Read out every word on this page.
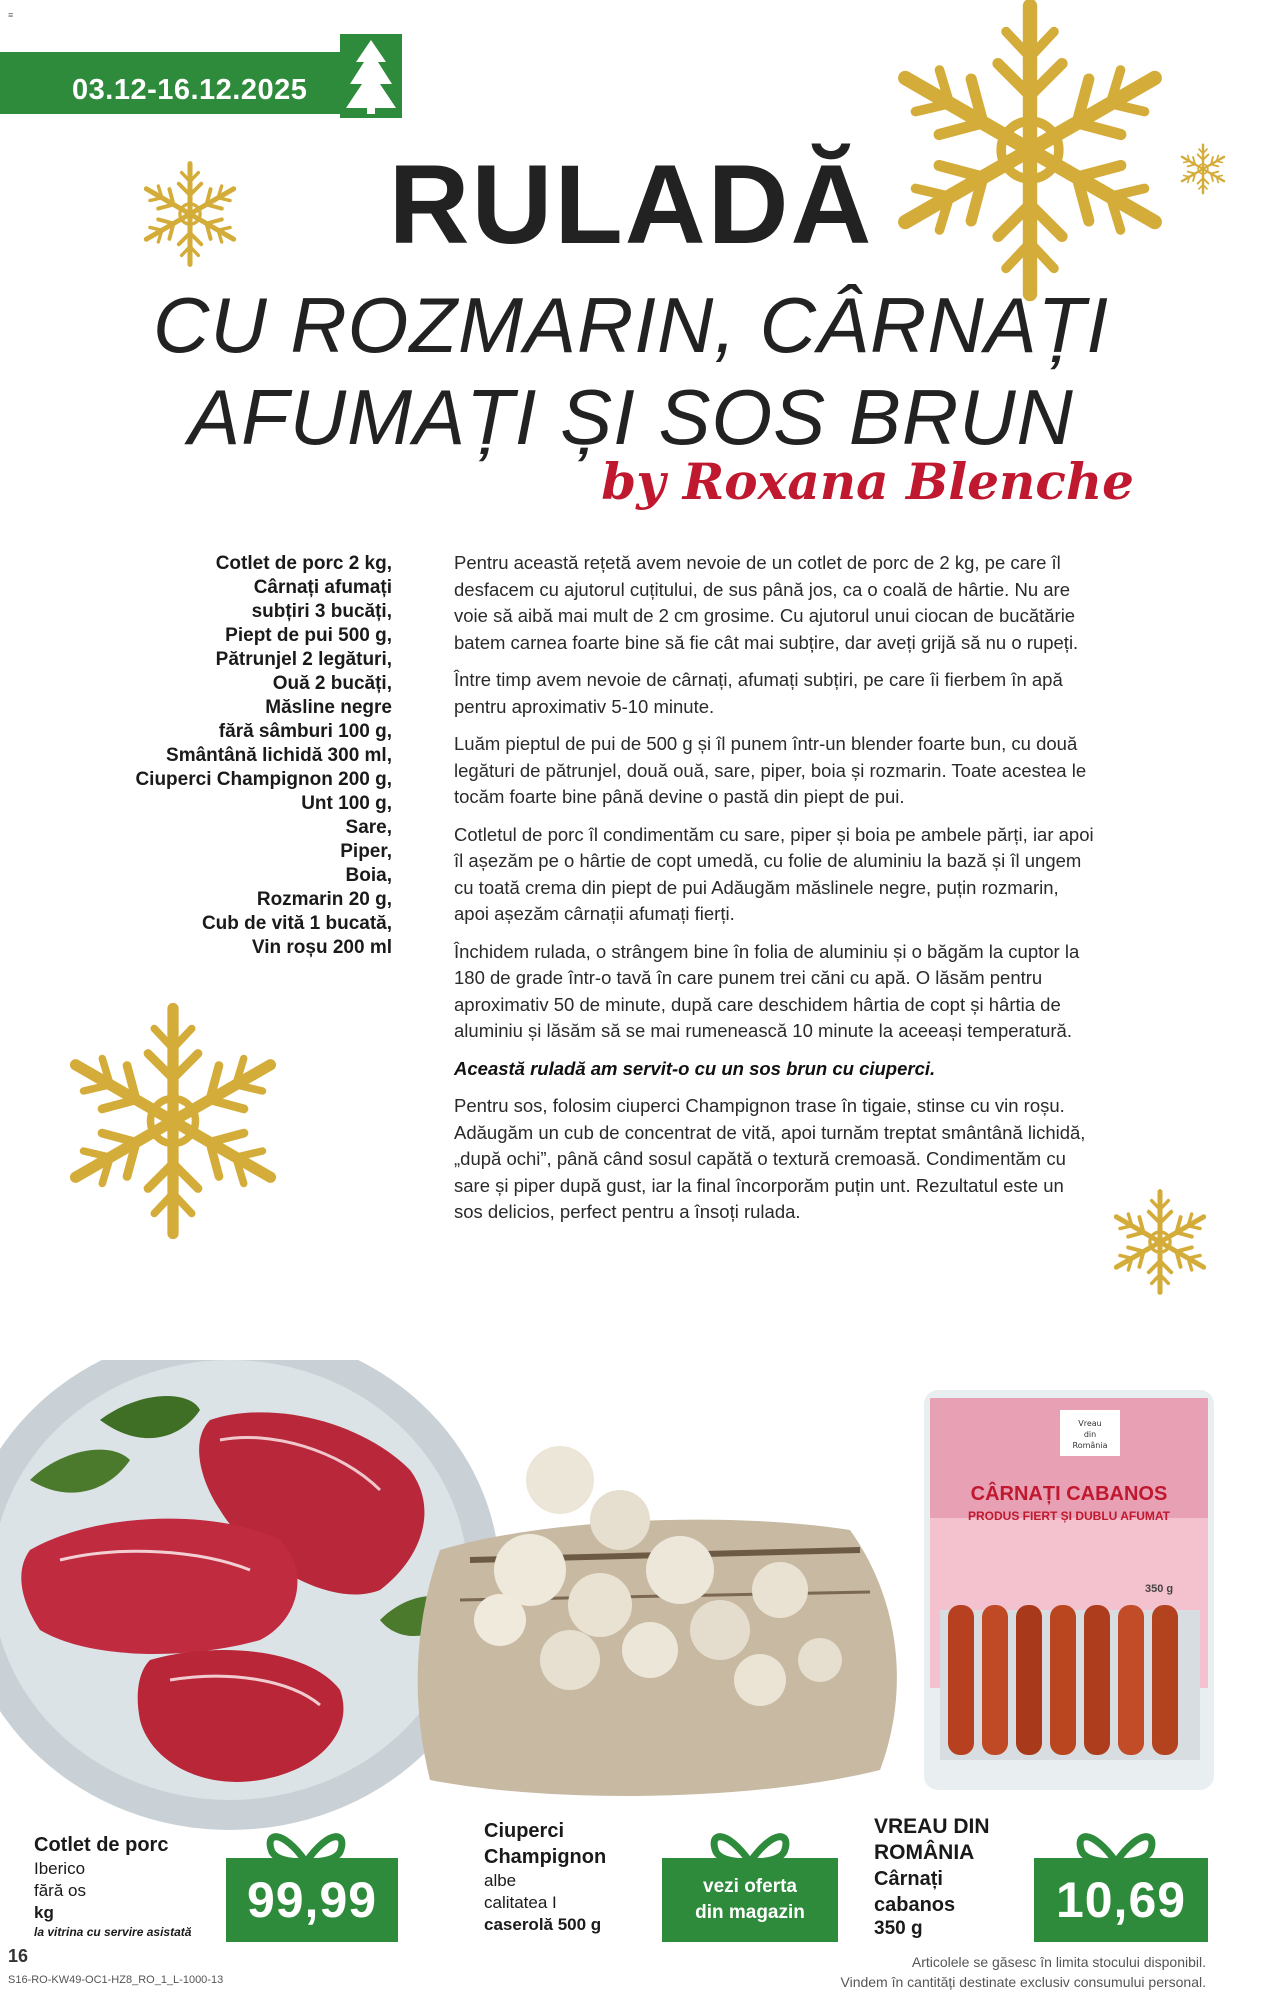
≡
03.12-16.12.2025
RULADĂ
CU ROZMARIN, CÂRNAȚI
AFUMAȚI ȘI SOS BRUN
by Roxana Blenche
Cotlet de porc 2 kg,
Cârnați afumați
subțiri 3 bucăți,
Piept de pui 500 g,
Pătrunjel 2 legături,
Ouă 2 bucăți,
Măsline negre
fără sâmburi 100 g,
Smântână lichidă 300 ml,
Ciuperci Champignon 200 g,
Unt 100 g,
Sare,
Piper,
Boia,
Rozmarin 20 g,
Cub de vită 1 bucată,
Vin roșu 200 ml

Pentru această rețetă avem nevoie de un cotlet de porc de 2 kg, pe care îl desfacem cu ajutorul cuțitului, de sus până jos, ca o coală de hârtie. Nu are voie să aibă mai mult de 2 cm grosime. Cu ajutorul unui ciocan de bucătărie batem carnea foarte bine să fie cât mai subțire, dar aveți grijă să nu o rupeți.

Între timp avem nevoie de cârnați, afumați subțiri, pe care îi fierbem în apă pentru aproximativ 5-10 minute.

Luăm pieptul de pui de 500 g și îl punem într-un blender foarte bun, cu două legături de pătrunjel, două ouă, sare, piper, boia și rozmarin. Toate acestea le tocăm foarte bine până devine o pastă din piept de pui.

Cotletul de porc îl condimentăm cu sare, piper și boia pe ambele părți, iar apoi îl așezăm pe o hârtie de copt umedă, cu folie de aluminiu la bază și îl ungem cu toată crema din piept de pui Adăugăm măslinele negre, puțin rozmarin, apoi așezăm cârnații afumați fierți.

Închidem rulada, o strângem bine în folia de aluminiu și o băgăm la cuptor la 180 de grade într-o tavă în care punem trei căni cu apă. O lăsăm pentru aproximativ 50 de minute, după care deschidem hârtia de copt și hârtia de aluminiu și lăsăm să se mai rumenească 10 minute la aceeași temperatură.

Această ruladă am servit-o cu un sos brun cu ciuperci.

Pentru sos, folosim ciuperci Champignon trase în tigaie, stinse cu vin roșu. Adăugăm un cub de concentrat de vită, apoi turnăm treptat smântână lichidă, „după ochi”, până când sosul capătă o textură cremoasă. Condimentăm cu sare și piper după gust, iar la final încorporăm puțin unt. Rezultatul este un sos delicios, perfect pentru a însoți rulada.

Vreau
din
România
CÂRNAȚI CABANOS
PRODUS FIERT ȘI DUBLU AFUMAT
350 g
Cotlet de porc
Iberico
fără os
kg
la vitrina cu servire asistată
99,99
Ciuperci
Champignon
albe
calitatea I
caserolă 500 g
vezi oferta
din magazin
VREAU DIN
ROMÂNIA
Cârnați
cabanos
350 g
10,69
16
S16-RO-KW49-OC1-HZ8_RO_1_L-1000-13
Articolele se găsesc în limita stocului disponibil.
Vindem în cantități destinate exclusiv consumului personal.
